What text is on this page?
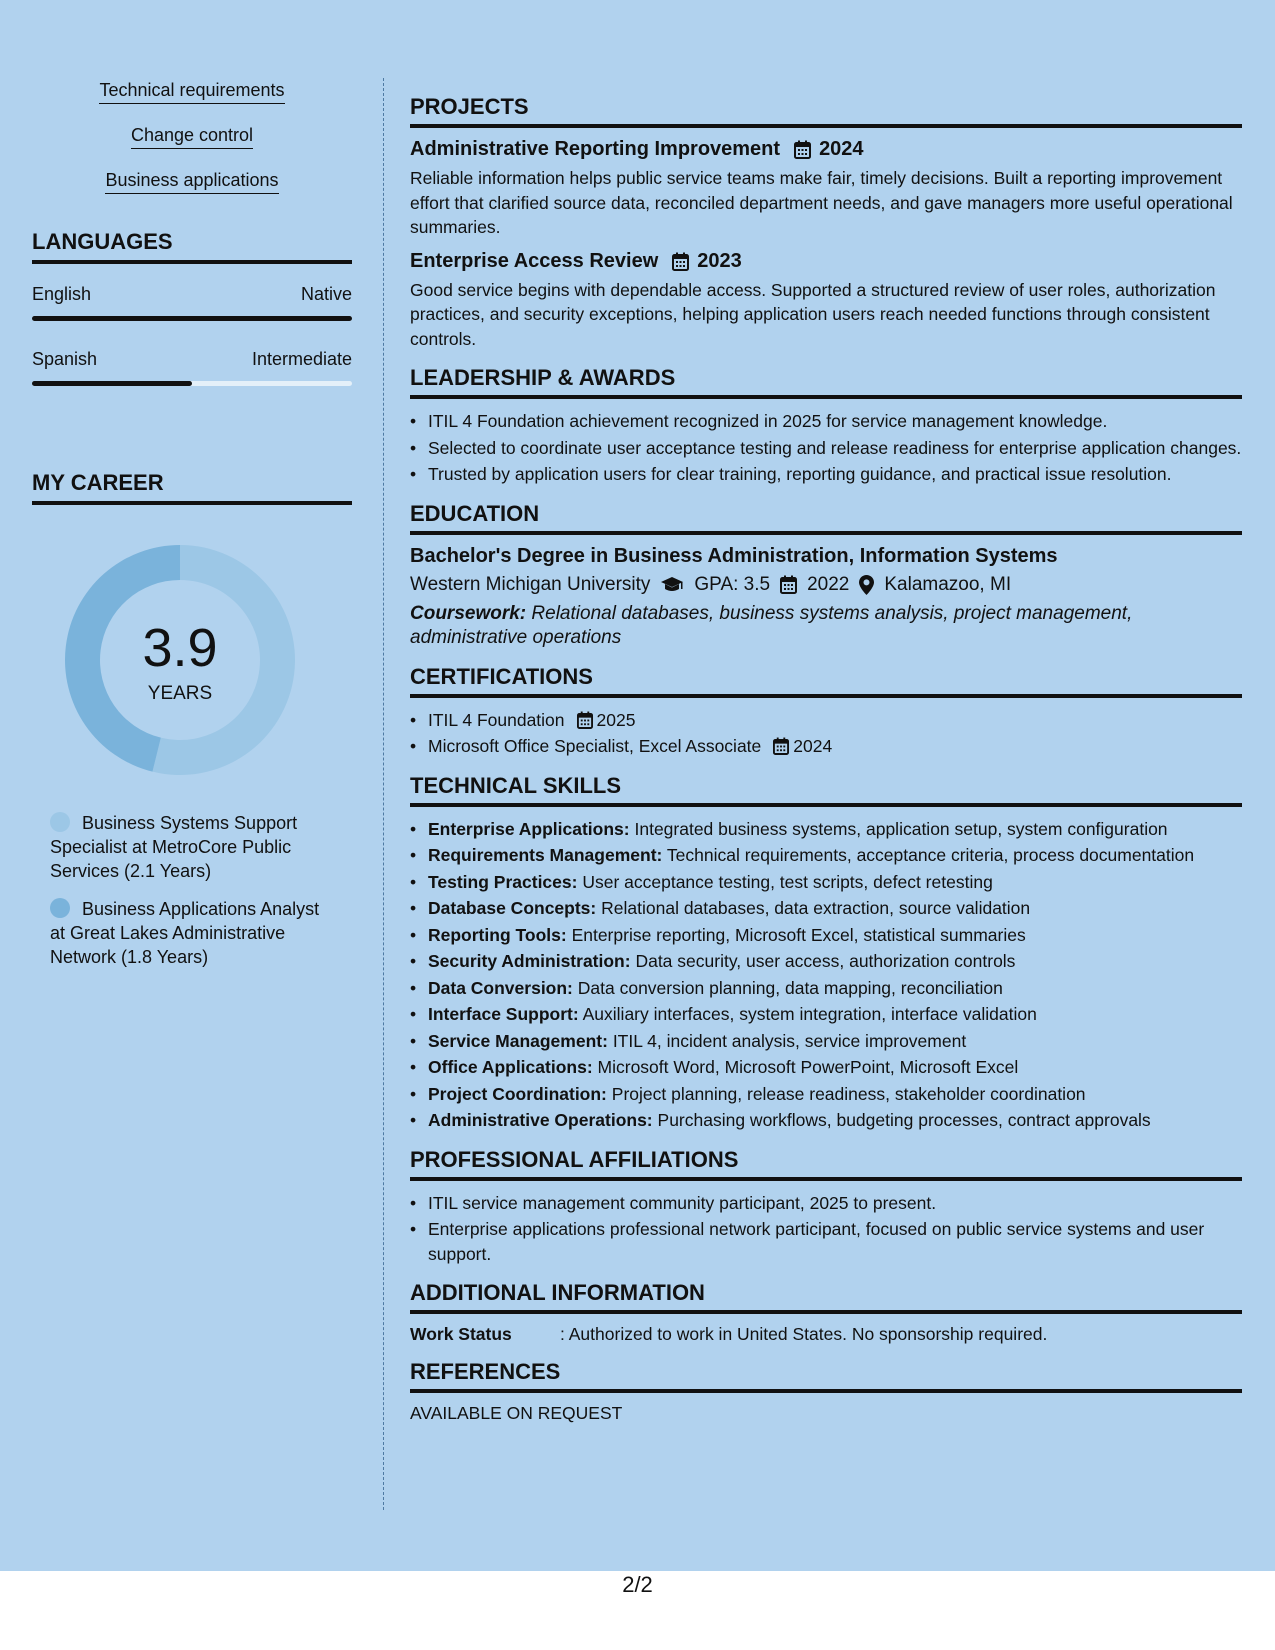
Technical requirements
Change control
Business applications
LANGUAGES
English	Native
Spanish	Intermediate
MY CAREER
3.9
YEARS
Business Systems Support Specialist at MetroCore Public Services (2.1 Years)
Business Applications Analyst at Great Lakes Administrative Network (1.8 Years)
PROJECTS
Administrative Reporting Improvement 2024
Reliable information helps public service teams make fair, timely decisions. Built a reporting improvement effort that clarified source data, reconciled department needs, and gave managers more useful operational summaries.
Enterprise Access Review 2023
Good service begins with dependable access. Supported a structured review of user roles, authorization practices, and security exceptions, helping application users reach needed functions through consistent controls.
LEADERSHIP & AWARDS
• ITIL 4 Foundation achievement recognized in 2025 for service management knowledge.
• Selected to coordinate user acceptance testing and release readiness for enterprise application changes.
• Trusted by application users for clear training, reporting guidance, and practical issue resolution.
EDUCATION
Bachelor's Degree in Business Administration, Information Systems
Western Michigan University GPA: 3.5 2022 Kalamazoo, MI
Coursework: Relational databases, business systems analysis, project management, administrative operations
CERTIFICATIONS
• ITIL 4 Foundation 2025
• Microsoft Office Specialist, Excel Associate 2024
TECHNICAL SKILLS
• Enterprise Applications: Integrated business systems, application setup, system configuration
• Requirements Management: Technical requirements, acceptance criteria, process documentation
• Testing Practices: User acceptance testing, test scripts, defect retesting
• Database Concepts: Relational databases, data extraction, source validation
• Reporting Tools: Enterprise reporting, Microsoft Excel, statistical summaries
• Security Administration: Data security, user access, authorization controls
• Data Conversion: Data conversion planning, data mapping, reconciliation
• Interface Support: Auxiliary interfaces, system integration, interface validation
• Service Management: ITIL 4, incident analysis, service improvement
• Office Applications: Microsoft Word, Microsoft PowerPoint, Microsoft Excel
• Project Coordination: Project planning, release readiness, stakeholder coordination
• Administrative Operations: Purchasing workflows, budgeting processes, contract approvals
PROFESSIONAL AFFILIATIONS
• ITIL service management community participant, 2025 to present.
• Enterprise applications professional network participant, focused on public service systems and user support.
ADDITIONAL INFORMATION
Work Status	: Authorized to work in United States. No sponsorship required.
REFERENCES
AVAILABLE ON REQUEST
2/2
